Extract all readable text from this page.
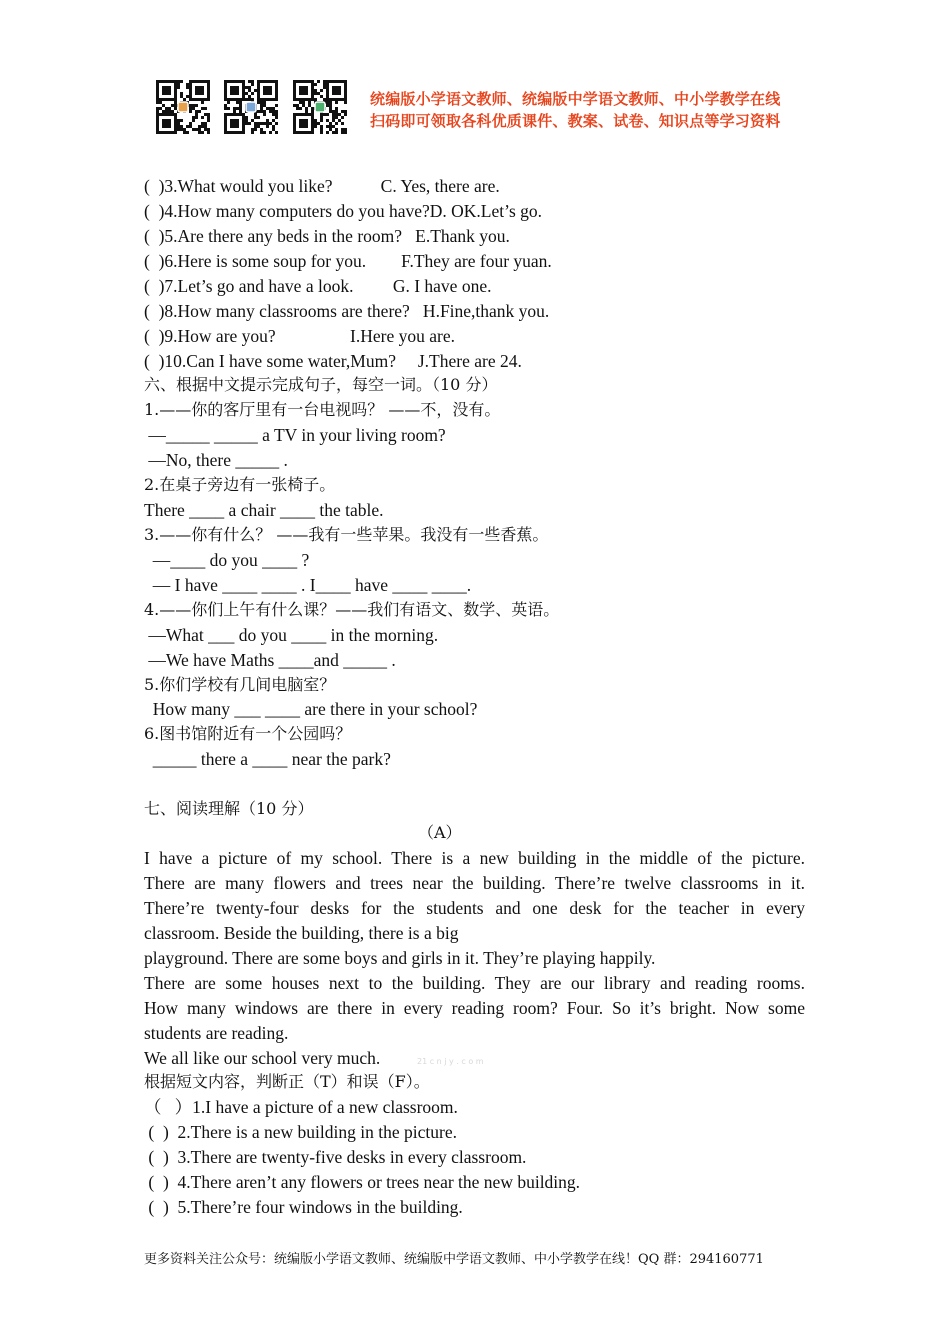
统编版小学语文教师、统编版中学语文教师、中小学教学在线
扫码即可领取各科优质课件、教案、试卷、知识点等学习资料
(  )3.What would you like?           C. Yes, there are.
(  )4.How many computers do you have?D. OK.Let’s go.
(  )5.Are there any beds in the room?   E.Thank you.
(  )6.Here is some soup for you.        F.They are four yuan.
(  )7.Let’s go and have a look.         G. I have one.
(  )8.How many classrooms are there?   H.Fine,thank you.
(  )9.How are you?                 I.Here you are.
(  )10.Can I have some water,Mum?     J.There are 24.
六、根据中文提示完成句子，每空一词。（10 分）
1.——你的客厅里有一台电视吗？ ——不，没有。
—_____ _____ a TV in your living room?
—No, there _____ .
2.在桌子旁边有一张椅子。
There ____ a chair ____ the table.
3.——你有什么？ ——我有一些苹果。我没有一些香蕉。
—____ do you ____ ?
— I have ____ ____ . I____ have ____ ____.
4.——你们上午有什么课？——我们有语文、数学、英语。
—What ___ do you ____ in the morning.
—We have Maths ____and _____ .
5.你们学校有几间电脑室？
How many ___ ____ are there in your school?
6.图书馆附近有一个公园吗？
_____ there a ____ near the park?
七、阅读理解（10 分）
（A）
I have a picture of my school. There is a new building in the middle of the picture.
There are many flowers and trees near the building. There’re twelve classrooms in it.
There’re twenty-four desks for the students and one desk for the teacher in every
classroom. Beside the building, there is a big
playground. There are some boys and girls in it. They’re playing happily.
There are some houses next to the building. They are our library and reading rooms.
How many windows are there in every reading room? Four. So it’s bright. Now some
students are reading.
We all like our school very much.	21 c n j y . c o m
根据短文内容，判断正（T）和误（F）。
（   ）1.I have a picture of a new classroom.
(  )  2.There is a new building in the picture.
(  )  3.There are twenty-five desks in every classroom.
(  )  4.There aren’t any flowers or trees near the new building.
(  )  5.There’re four windows in the building.
更多资料关注公众号：统编版小学语文教师、统编版中学语文教师、中小学教学在线！QQ 群：294160771
